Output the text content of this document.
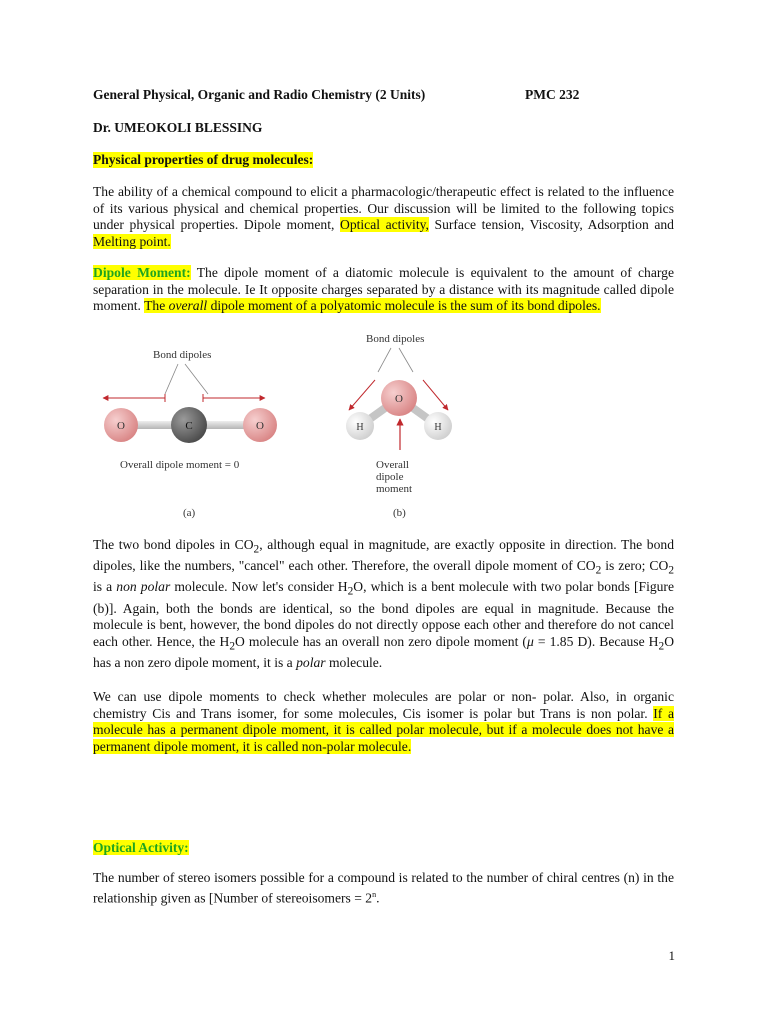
General Physical, Organic and Radio Chemistry (2 Units)	PMC 232
Dr. UMEOKOLI BLESSING
Physical properties of drug molecules:

The ability of a chemical compound to elicit a pharmacologic/therapeutic effect is related to the influence of its various physical and chemical properties. Our discussion will be limited to the following topics under physical properties. Dipole moment, Optical activity, Surface tension, Viscosity, Adsorption and Melting point.

Dipole Moment: The dipole moment of a diatomic molecule is equivalent to the amount of charge separation in the molecule. Ie It opposite charges separated by a distance with its magnitude called dipole moment. The overall dipole moment of a polyatomic molecule is the sum of its bond dipoles.

Bond dipoles
O	C	O
Overall dipole moment = 0
(a)
Bond dipoles
O
H	H
Overall
dipole
moment
(b)

The two bond dipoles in $CO_2$, although equal in magnitude, are exactly opposite in direction. The bond dipoles, like the numbers, "cancel" each other. Therefore, the overall dipole moment of $CO_2$ is zero; $CO_2$ is a non polar molecule. Now let's consider $H_2O$, which is a bent molecule with two polar bonds [Figure (b)]. Again, both the bonds are identical, so the bond dipoles are equal in magnitude. Because the molecule is bent, however, the bond dipoles do not directly oppose each other and therefore do not cancel each other. Hence, the $H_2O$ molecule has an overall non zero dipole moment (μ = 1.85 D). Because $H_2O$ has a non zero dipole moment, it is a polar molecule.

We can use dipole moments to check whether molecules are polar or non- polar. Also, in organic chemistry Cis and Trans isomer, for some molecules, Cis isomer is polar but Trans is non polar. If a molecule has a permanent dipole moment, it is called polar molecule, but if a molecule does not have a permanent dipole moment, it is called non-polar molecule.

Optical Activity:

The number of stereo isomers possible for a compound is related to the number of chiral centres (n) in the relationship given as [Number of stereoisomers = $2^n$.

1
